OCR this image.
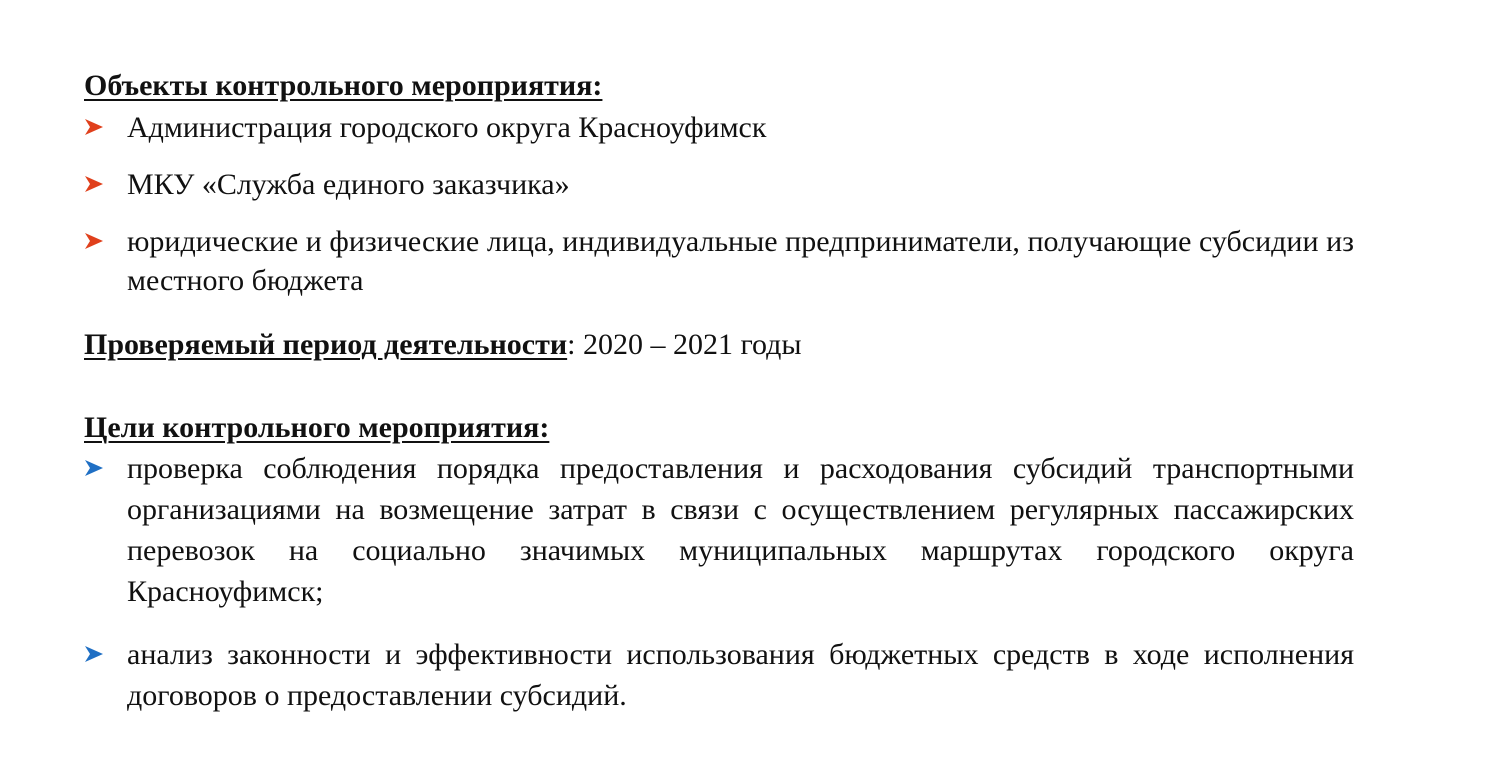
Объекты контрольного мероприятия:
Администрация городского округа Красноуфимск
МКУ «Служба единого заказчика»
юридические и физические лица, индивидуальные предприниматели, получающие субсидии из местного бюджета
Проверяемый период деятельности: 2020 – 2021 годы
Цели контрольного мероприятия:
проверка соблюдения порядка предоставления и расходования субсидий транспортными организациями на возмещение затрат в связи с осуществлением регулярных пассажирских перевозок на социально значимых муниципальных маршрутах городского округа Красноуфимск;
анализ законности и эффективности использования бюджетных средств в ходе исполнения договоров о предоставлении субсидий.
